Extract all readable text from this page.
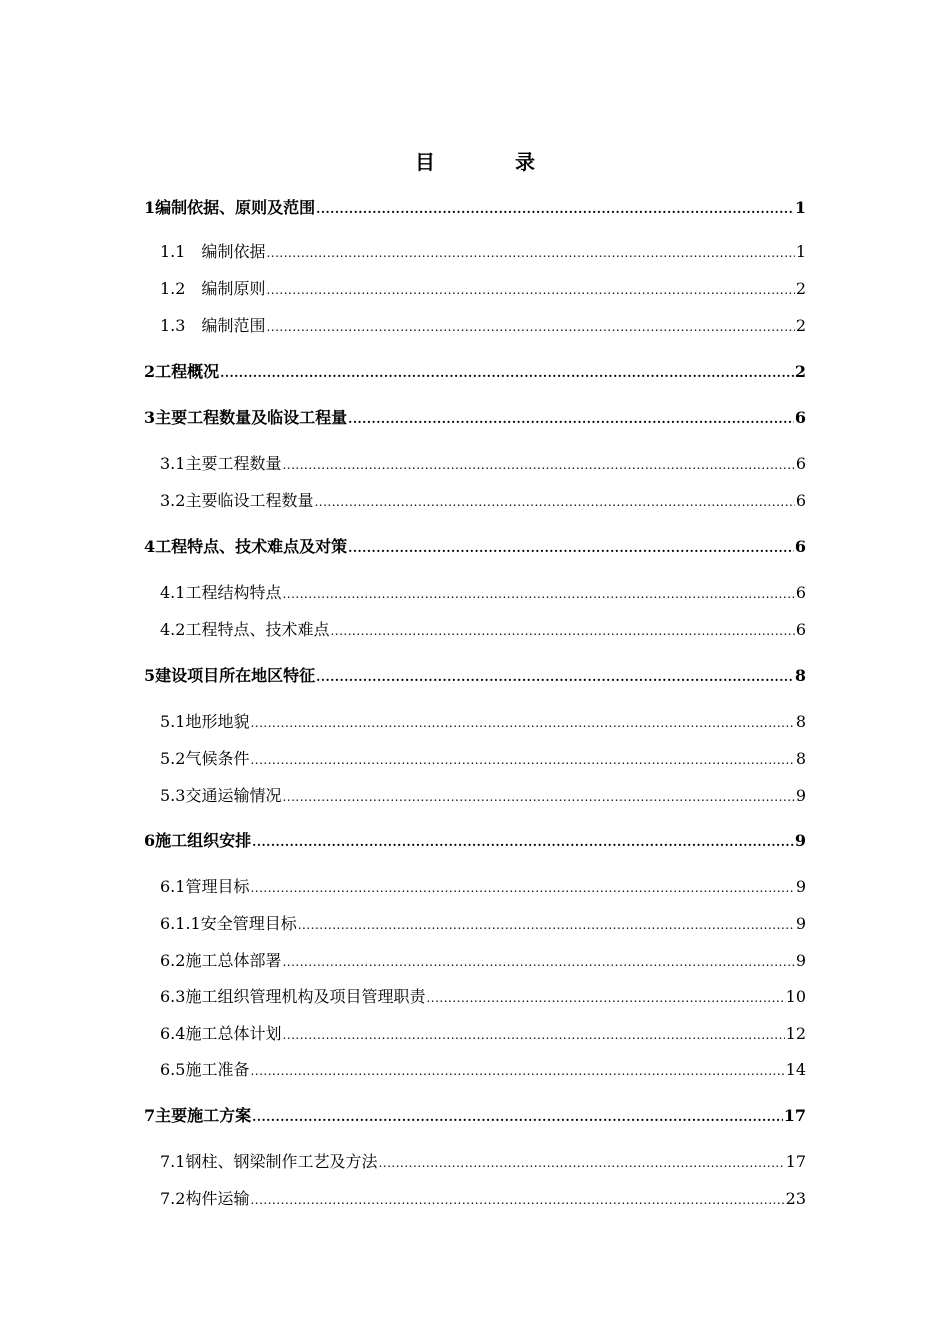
目　录
1编制依据、原则及范围 .....	1
1.1　编制依据 .....	1
1.2　编制原则 .....	2
1.3　编制范围 .....	2
2工程概况 .....	2
3主要工程数量及临设工程量 .....	6
3.1主要工程数量 .....	6
3.2主要临设工程数量 .....	6
4工程特点、技术难点及对策 .....	6
4.1工程结构特点 .....	6
4.2工程特点、技术难点 .....	6
5建设项目所在地区特征 .....	8
5.1地形地貌 .....	8
5.2气候条件 .....	8
5.3交通运输情况 .....	9
6施工组织安排 .....	9
6.1管理目标 .....	9
6.1.1安全管理目标 .....	9
6.2施工总体部署 .....	9
6.3施工组织管理机构及项目管理职责 .....	10
6.4施工总体计划 .....	12
6.5施工准备 .....	14
7主要施工方案 .....	17
7.1钢柱、钢梁制作工艺及方法 .....	17
7.2构件运输 .....	23
